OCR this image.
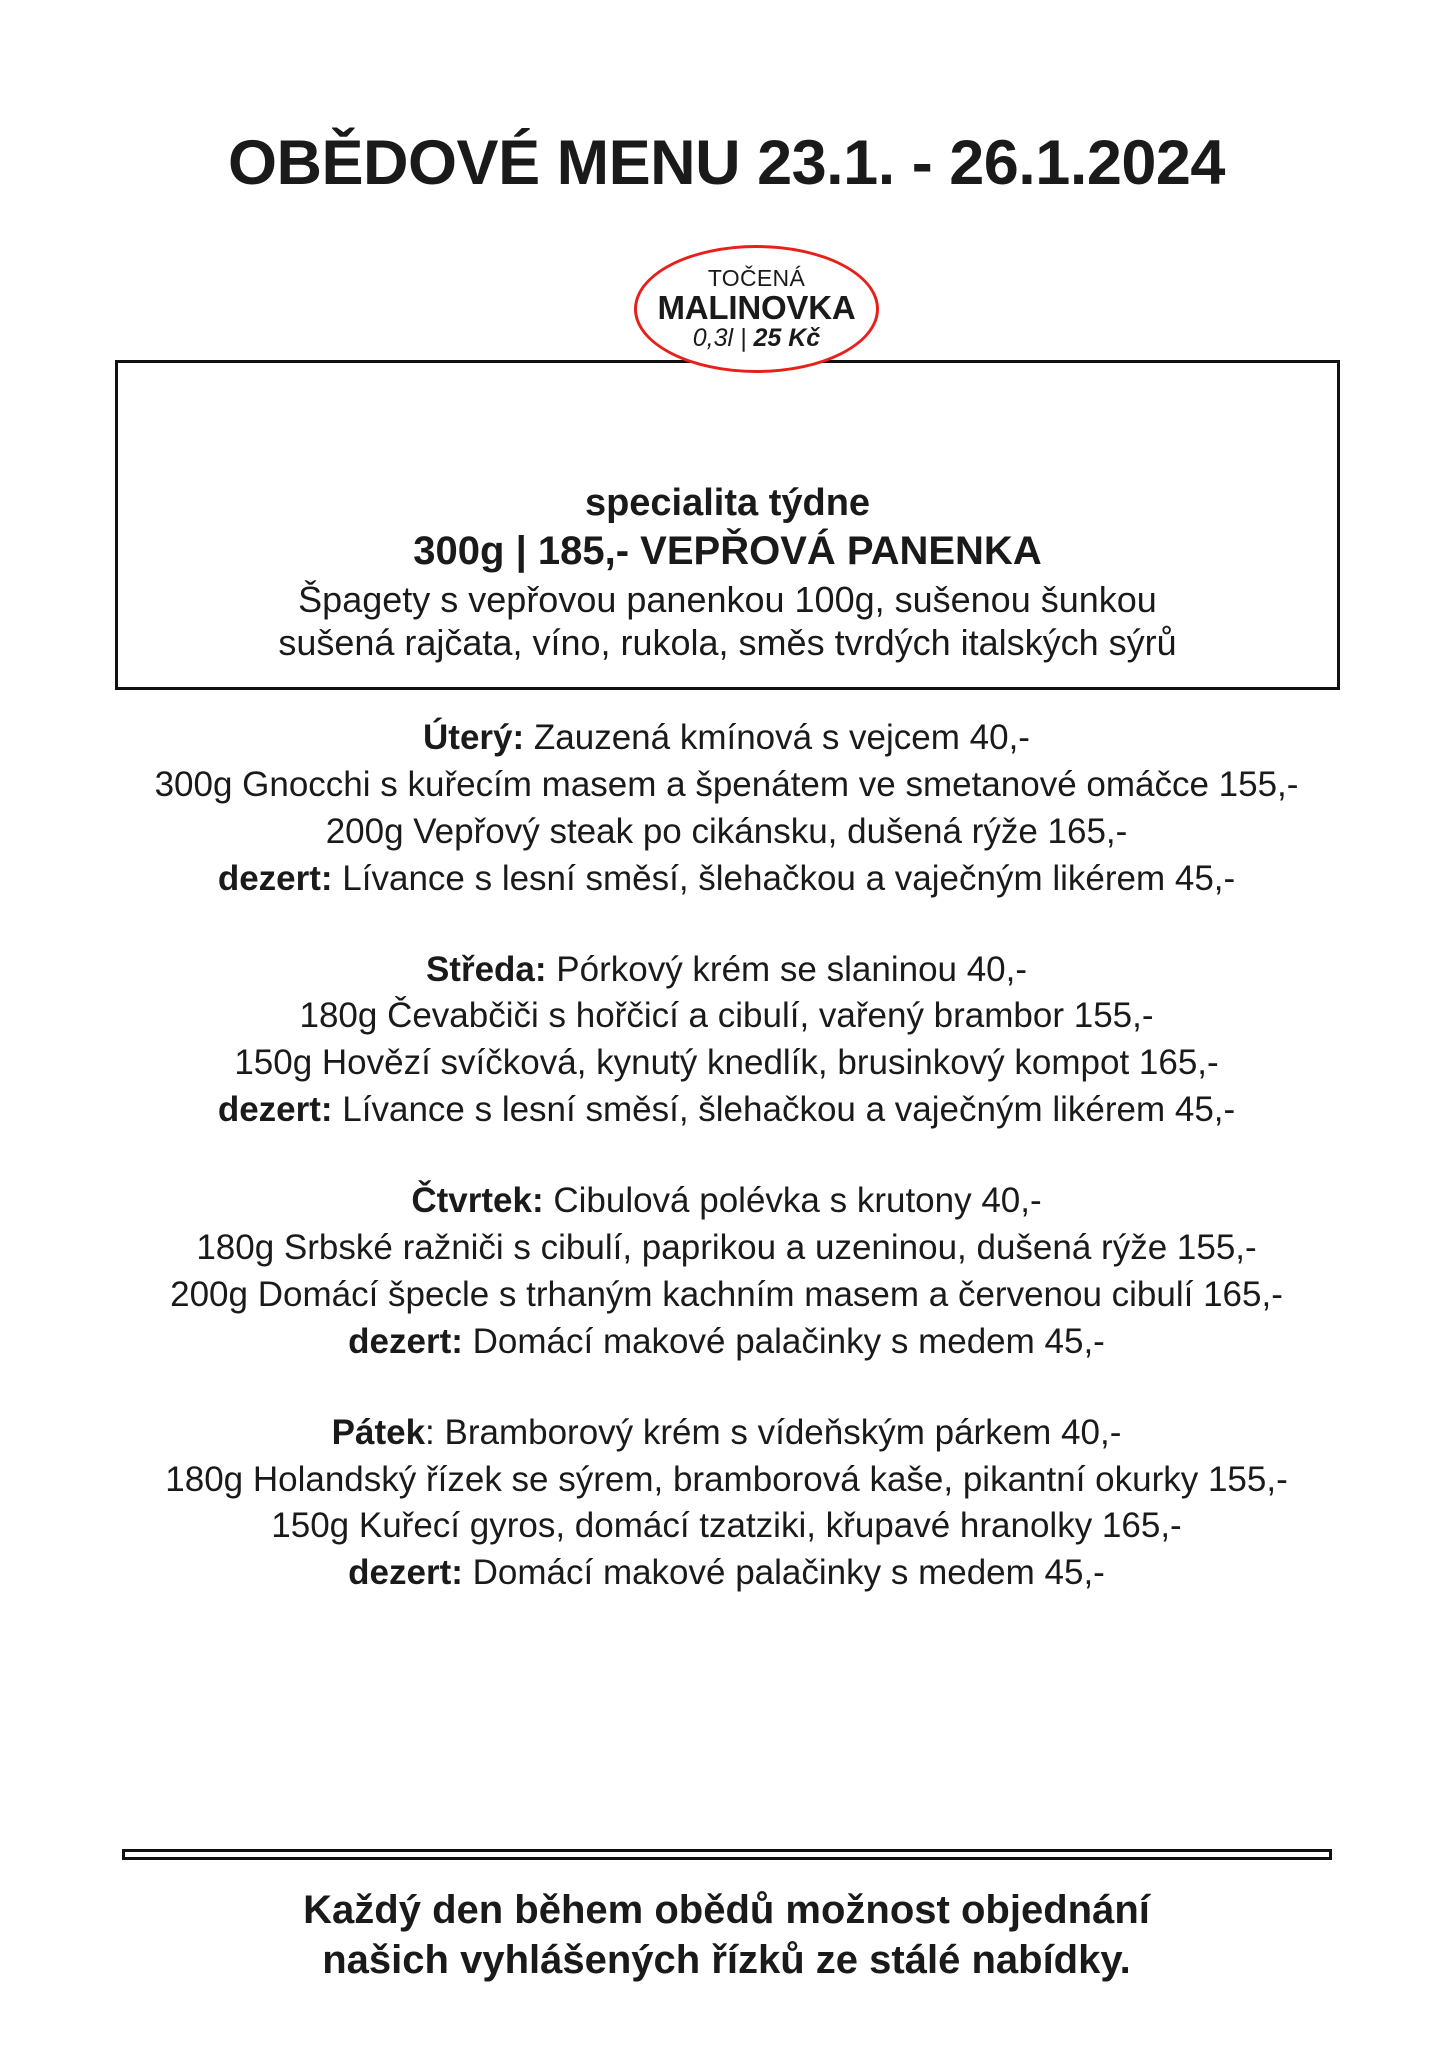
OBĚDOVÉ MENU 23.1. - 26.1.2024
specialita týdne
300g | 185,- VEPŘOVÁ PANENKA
Špagety s vepřovou panenkou 100g, sušenou šunkou
sušená rajčata, víno, rukola, směs tvrdých italských sýrů
TOČENÁ
MALINOVKA
0,3l | 25 Kč
Úterý: Zauzená kmínová s vejcem 40,-
300g Gnocchi s kuřecím masem a špenátem ve smetanové omáčce 155,-
200g Vepřový steak po cikánsku, dušená rýže 165,-
dezert: Lívance s lesní směsí, šlehačkou a vaječným likérem 45,-
Středa: Pórkový krém se slaninou 40,-
180g Čevabčiči s hořčicí a cibulí, vařený brambor 155,-
150g Hovězí svíčková, kynutý knedlík, brusinkový kompot 165,-
dezert: Lívance s lesní směsí, šlehačkou a vaječným likérem 45,-
Čtvrtek: Cibulová polévka s krutony 40,-
180g Srbské ražniči s cibulí, paprikou a uzeninou, dušená rýže 155,-
200g Domácí špecle s trhaným kachním masem a červenou cibulí 165,-
dezert: Domácí makové palačinky s medem 45,-
Pátek: Bramborový krém s vídeňským párkem 40,-
180g Holandský řízek se sýrem, bramborová kaše, pikantní okurky 155,-
150g Kuřecí gyros, domácí tzatziki, křupavé hranolky 165,-
dezert: Domácí makové palačinky s medem 45,-
Každý den během obědů možnost objednání
našich vyhlášených řízků ze stálé nabídky.
